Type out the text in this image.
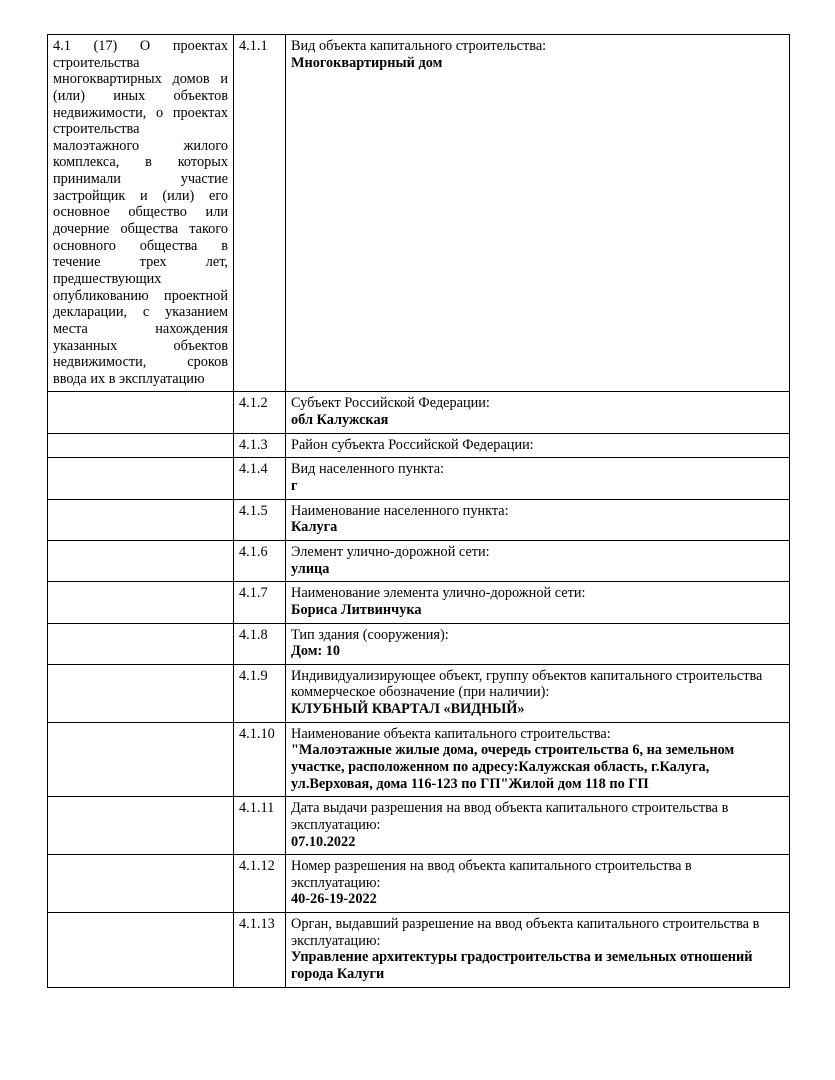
4.1 (17) О проектах строительства многоквартирных домов и (или) иных объектов недвижимости, о проектах строительства малоэтажного жилого комплекса, в которых принимали участие застройщик и (или) его основное общество или дочерние общества такого основного общества в течение трех лет, предшествующих опубликованию проектной декларации, с указанием места нахождения указанных объектов недвижимости, сроков ввода их в эксплуатацию	4.1.1	Вид объекта капитального строительства:
Многоквартирный дом

	4.1.2	Субъект Российской Федерации:
обл Калужская

	4.1.3	Район субъекта Российской Федерации:

	4.1.4	Вид населенного пункта:
г

	4.1.5	Наименование населенного пункта:
Калуга

	4.1.6	Элемент улично-дорожной сети:
улица

	4.1.7	Наименование элемента улично-дорожной сети:
Бориса Литвинчука

	4.1.8	Тип здания (сооружения):
Дом: 10

	4.1.9	Индивидуализирующее объект, группу объектов капитального строительства коммерческое обозначение (при наличии):
КЛУБНЫЙ КВАРТАЛ «ВИДНЫЙ»

	4.1.10	Наименование объекта капитального строительства:
"Малоэтажные жилые дома, очередь строительства 6, на земельном участке, расположенном по адресу:Калужская область, г.Калуга, ул.Верховая, дома 116-123 по ГП"Жилой дом 118 по ГП

	4.1.11	Дата выдачи разрешения на ввод объекта капитального строительства в эксплуатацию:
07.10.2022

	4.1.12	Номер разрешения на ввод объекта капитального строительства в эксплуатацию:
40-26-19-2022

	4.1.13	Орган, выдавший разрешение на ввод объекта капитального строительства в эксплуатацию:
Управление архитектуры градостроительства и земельных отношений города Калуги
